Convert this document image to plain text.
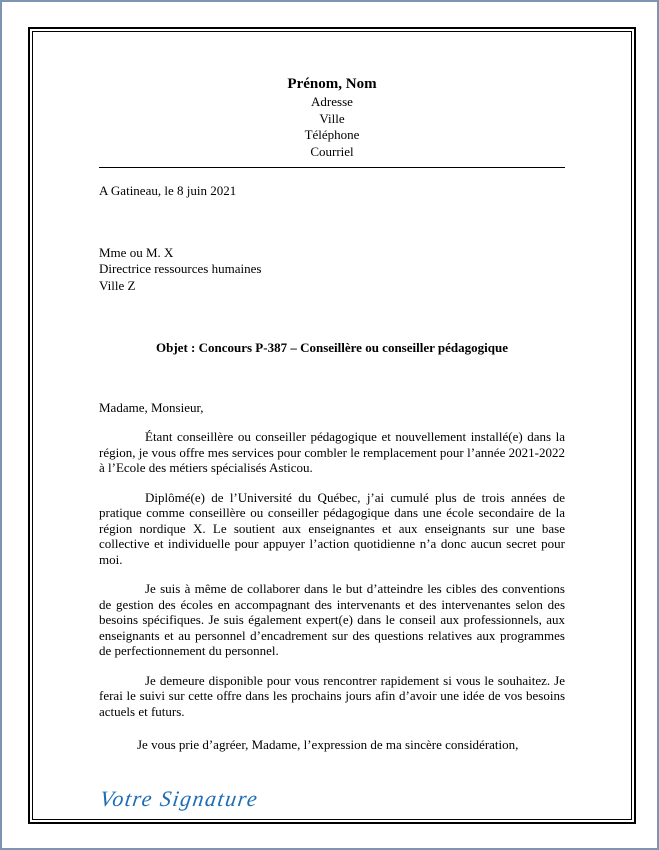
Prénom, Nom
Adresse
Ville
Téléphone
Courriel
A Gatineau, le 8 juin 2021
Mme ou M. X
Directrice ressources humaines
Ville Z
Objet : Concours P-387 – Conseillère ou conseiller pédagogique
Madame, Monsieur,

Étant conseillère ou conseiller pédagogique et nouvellement installé(e) dans la région, je vous offre mes services pour combler le remplacement pour l’année 2021-2022 à l’Ecole des métiers spécialisés Asticou.

Diplômé(e) de l’Université du Québec, j’ai cumulé plus de trois années de pratique comme conseillère ou conseiller pédagogique dans une école secondaire de la région nordique X. Le soutient aux enseignantes et aux enseignants sur une base collective et individuelle pour appuyer l’action quotidienne n’a donc aucun secret pour moi.

Je suis à même de collaborer dans le but d’atteindre les cibles des conventions de gestion des écoles en accompagnant des intervenants et des intervenantes selon des besoins spécifiques. Je suis également expert(e) dans le conseil aux professionnels, aux enseignants et au personnel d’encadrement sur des questions relatives aux programmes de perfectionnement du personnel.

Je demeure disponible pour vous rencontrer rapidement si vous le souhaitez. Je ferai le suivi sur cette offre dans les prochains jours afin d’avoir une idée de vos besoins actuels et futurs.

Je vous prie d’agréer, Madame, l’expression de ma sincère considération,

Votre Signature
